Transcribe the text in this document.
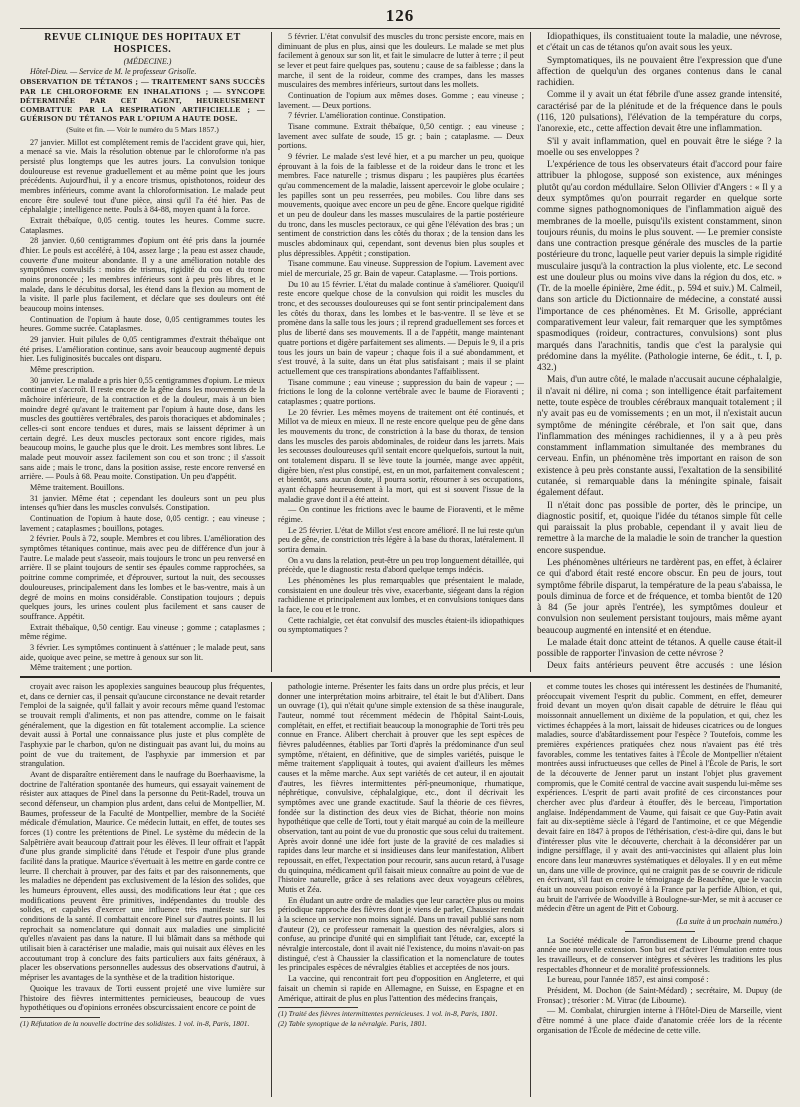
126

REVUE CLINIQUE DES HOPITAUX ET HOSPICES.

(MÉDECINE.)

Hôtel-Dieu. — Service de M. le professeur Grisolle.

OBSERVATION DE TÉTANOS ; — TRAITEMENT SANS SUCCÈS PAR LE CHLOROFORME EN INHALATIONS ; — SYNCOPE DÉTERMINÉE PAR CET AGENT, HEUREUSEMENT COMBATTUE PAR LA RESPIRATION ARTIFICIELLE ; — GUÉRISON DU TÉTANOS PAR L'OPIUM A HAUTE DOSE.

(Suite et fin. — Voir le numéro du 5 Mars 1857.)

27 janvier. Millot est complétement remis de l'accident grave qui, hier, a menacé sa vie. Mais la résolution obtenue par le chloroforme n'a pas persisté plus longtemps que les autres jours. La convulsion tonique douloureuse est revenue graduellement et au même point que les jours précédents. Aujourd'hui, il y a encore trismus, opisthotonos, roideur des membres inférieurs, comme avant la chloroformisation. Le malade peut encore être soulevé tout d'une pièce, ainsi qu'il l'a été hier. Pas de céphalalgie ; intelligence nette. Pouls à 84-88, moyen quant à la force.

Extrait thébaïque, 0,05 centig. toutes les heures. Comme sucre. Cataplasmes.

28 janvier. 0,60 centigrammes d'opium ont été pris dans la journée d'hier. Le pouls est accéléré, à 104, assez large ; la peau est assez chaude, couverte d'une moiteur abondante. Il y a une amélioration notable des symptômes convulsifs : moins de trismus, rigidité du cou et du tronc moins prononcée ; les membres inférieurs sont à peu près libres, et le malade, dans le décubitus dorsal, les étend dans la flexion au moment de la visite. Il parle plus facilement, et déclare que ses douleurs ont été beaucoup moins intenses.

Continuation de l'opium à haute dose, 0,05 centigrammes toutes les heures. Gomme sucrée. Cataplasmes.

29 janvier. Huit pilules de 0,05 centigrammes d'extrait thébaïque ont été prises. L'amélioration continue, sans avoir beaucoup augmenté depuis hier. Les fuliginosités buccales ont disparu.

Même prescription.

30 janvier. Le malade a pris hier 0,55 centigrammes d'opium. Le mieux continue et s'accroît. Il reste encore de la gêne dans les mouvements de la mâchoire inférieure, de la contraction et de la douleur, mais à un bien moindre degré qu'avant le traitement par l'opium à haute dose, dans les muscles des gouttières vertébrales, des parois thoraciques et abdominales ; celles-ci sont encore tendues et dures, mais se laissent déprimer à un certain degré. Les deux muscles pectoraux sont encore rigides, mais beaucoup moins, le gauche plus que le droit. Les membres sont libres. Le malade peut mouvoir assez facilement son cou et son tronc ; il s'assoit sans aide ; mais le tronc, dans la position assise, reste encore renversé en arrière. — Pouls à 68. Peau moite. Constipation. Un peu d'appétit.

Même traitement. Bouillons.

31 janvier. Même état ; cependant les douleurs sont un peu plus intenses qu'hier dans les muscles convulsés. Constipation.

Continuation de l'opium à haute dose, 0,05 centigr. ; eau vineuse ; lavement ; cataplasmes ; bouillons, potages.

2 février. Pouls à 72, souple. Membres et cou libres. L'amélioration des symptômes tétaniques continue, mais avec peu de différence d'un jour à l'autre. Le malade peut s'asseoir, mais toujours le tronc un peu renversé en arrière. Il se plaint toujours de sentir ses épaules comme rapprochées, sa poitrine comme comprimée, et d'éprouver, surtout la nuit, des secousses douloureuses, principalement dans les lombes et le bas-ventre, mais à un degré de moins en moins considérable. Constipation toujours ; depuis quelques jours, les urines coulent plus facilement et sans causer de souffrance. Appétit.

Extrait thébaïque, 0,50 centigr. Eau vineuse ; gomme ; cataplasmes ; même régime.

3 février. Les symptômes continuent à s'atténuer ; le malade peut, sans aide, quoique avec peine, se mettre à genoux sur son lit.

Même traitement ; une portion.

5 février. L'état convulsif des muscles du tronc persiste encore, mais en diminuant de plus en plus, ainsi que les douleurs. Le malade se met plus facilement à genoux sur son lit, et fait le simulacre de lutter à terre ; il peut se lever et peut faire quelques pas, soutenu ; cause de sa faiblesse ; dans la marche, il sent de la roideur, comme des crampes, dans les masses musculaires des membres inférieurs, surtout dans les mollets.

Continuation de l'opium aux mêmes doses. Gomme ; eau vineuse ; lavement. — Deux portions.

7 février. L'amélioration continue. Constipation.

Tisane commune. Extrait thébaïque, 0,50 centigr. ; eau vineuse ; lavement avec sulfate de soude, 15 gr. ; bain ; cataplasme. — Deux portions.

9 février. Le malade s'est levé hier, et a pu marcher un peu, quoique éprouvant à la fois de la faiblesse et de la roideur dans le tronc et les membres. Face naturelle ; trismus disparu ; les paupières plus écartées qu'au commencement de la maladie, laissent apercevoir le globe oculaire ; les papilles sont un peu resserrées, peu mobiles. Cou libre dans ses mouvements, quoique avec encore un peu de gêne. Encore quelque rigidité et un peu de douleur dans les masses musculaires de la partie postérieure du tronc, dans les muscles pectoraux, ce qui gêne l'élévation des bras ; un sentiment de constriction dans les côtés du thorax ; de la tension dans les muscles abdominaux qui, cependant, sont devenus bien plus souples et plus dépressibles. Appétit ; constipation.

Tisane commune. Eau vineuse. Suppression de l'opium. Lavement avec miel de mercuriale, 25 gr. Bain de vapeur. Cataplasme. — Trois portions.

Du 10 au 15 février. L'état du malade continue à s'améliorer. Quoiqu'il reste encore quelque chose de la convulsion qui roidit les muscles du tronc, et des secousses douloureuses qui se font sentir principalement dans les côtés du thorax, dans les lombes et le bas-ventre. Il se lève et se promène dans la salle tous les jours ; il reprend graduellement ses forces et plus de liberté dans ses mouvements. Il a de l'appétit, mange maintenant quatre portions et digère parfaitement ses aliments. — Depuis le 9, il a pris tous les jours un bain de vapeur ; chaque fois il a sué abondamment, et s'est trouvé, à la suite, dans un état plus satisfaisant ; mais il se plaint actuellement que ces transpirations abondantes l'affaiblissent.

Tisane commune ; eau vineuse ; suppression du bain de vapeur ; — frictions le long de la colonne vertébrale avec le baume de Fioraventi ; cataplasmes ; quatre portions.

Le 20 février. Les mêmes moyens de traitement ont été continués, et Millot va de mieux en mieux. Il ne reste encore quelque peu de gêne dans les mouvements du tronc, de constriction à la base du thorax, de tension dans les muscles des parois abdominales, de roideur dans les jarrets. Mais les secousses douloureuses qu'il sentait encore quelquefois, surtout la nuit, ont totalement disparu. Il se lève toute la journée, mange avec appétit, digère bien, n'est plus constipé, est, en un mot, parfaitement convalescent ; et bientôt, sans aucun doute, il pourra sortir, rétourner à ses occupations, ayant échappé heureusement à la mort, qui est si souvent l'issue de la maladie grave dont il a été atteint.

— On continue les frictions avec le baume de Fioraventi, et le même régime.

Le 25 février. L'état de Millot s'est encore amélioré. Il ne lui reste qu'un peu de gêne, de constriction très légère à la base du thorax, latéralement. Il sortira demain.

On a vu dans la relation, peut-être un peu trop longuement détaillée, qui précède, que le diagnostic resta d'abord quelque temps indécis.

Les phénomènes les plus remarquables que présentaient le malade, consistaient en une douleur très vive, exacerbante, siégeant dans la région rachidienne et principalement aux lombes, et en convulsions toniques dans la face, le cou et le tronc.

Cette rachialgie, cet état convulsif des muscles étaient-ils idiopathiques ou symptomatiques ?

Idiopathiques, ils constituaient toute la maladie, une névrose, et c'était un cas de tétanos qu'on avait sous les yeux.

Symptomatiques, ils ne pouvaient être l'expression que d'une affection de quelqu'un des organes contenus dans le canal rachidien.

Comme il y avait un état fébrile d'une assez grande intensité, caractérisé par de la plénitude et de la fréquence dans le pouls (116, 120 pulsations), l'élévation de la température du corps, l'anorexie, etc., cette affection devait être une inflammation.

S'il y avait inflammation, quel en pouvait être le siége ? la moelle ou ses enveloppes ?

L'expérience de tous les observateurs était d'accord pour faire attribuer la phlogose, supposé son existence, aux méninges plutôt qu'au cordon médullaire. Selon Ollivier d'Angers : « Il y a deux symptômes qu'on pourrait regarder en quelque sorte comme signes pathognomoniques de l'inflammation aiguë des membranes de la moelle, puisqu'ils existent constamment, sinon toujours réunis, du moins le plus souvent. — Le premier consiste dans une contraction presque générale des muscles de la partie postérieure du tronc, laquelle peut varier depuis la simple rigidité musculaire jusqu'à la contraction la plus violente, etc. Le second est une douleur plus ou moins vive dans la région du dos, etc. » (Tr. de la moelle épinière, 2me édit., p. 594 et suiv.) M. Calmeil, dans son article du Dictionnaire de médecine, a constaté aussi l'importance de ces phénomènes. Et M. Grisolle, appréciant comparativement leur valeur, fait remarquer que les symptômes spasmodiques (roideur, contractures, convulsions) sont plus marqués dans l'arachnitis, tandis que c'est la paralysie qui prédomine dans la myélite. (Pathologie interne, 6e édit., t. I, p. 432.)

Mais, d'un autre côté, le malade n'accusait aucune céphalalgie, il n'avait ni délire, ni coma ; son intelligence était parfaitement nette, toute espèce de troubles cérébraux manquait totalement ; il n'y avait pas eu de vomissements ; en un mot, il n'existait aucun symptôme de méningite cérébrale, et l'on sait que, dans l'inflammation des méninges rachidiennes, il y a à peu près constamment inflammation simultanée des membranes du cerveau. Enfin, un phénomène très important en raison de son existence à peu près constante aussi, l'exaltation de la sensibilité cutanée, si remarquable dans la méningite spinale, faisait également défaut.

Il n'était donc pas possible de porter, dès le principe, un diagnostic positif, et, quoique l'idée du tétanos simple fût celle qui paraissait la plus probable, cependant il y avait lieu de remettre à la marche de la maladie le soin de trancher la question encore suspendue.

Les phénomènes ultérieurs ne tardèrent pas, en effet, à éclairer ce qui d'abord était resté encore obscur. En peu de jours, tout symptôme fébrile disparut, la température de la peau s'abaissa, le pouls diminua de force et de fréquence, et tomba bientôt de 120 à 84 (5e jour après l'entrée), les symptômes douleur et convulsion non seulement persistant toujours, mais même ayant beaucoup augmenté en intensité et en étendue.

Le malade était donc atteint de tétanos. A quelle cause était-il possible de rapporter l'invasion de cette névrose ?

Deux faits antérieurs peuvent être accusés : une lésion

croyait avec raison les apoplexies sanguines beaucoup plus fréquentes, et, dans ce dernier cas, il pensait qu'aucune circonstance ne devait retarder l'emploi de la saignée, qu'il fallait y avoir recours même quand l'estomac se trouvait rempli d'aliments, et non pas attendre, comme on le faisait généralement, que la digestion en fût totalement accomplie. La science devait aussi à Portal une connaissance plus juste et plus complète de l'asphyxie par le charbon, qu'on ne distinguait pas avant lui, du moins au point de vue du traitement, de l'asphyxie par immersion et par strangulation.

Avant de disparaître entièrement dans le naufrage du Boerhaavisme, la doctrine de l'altération spontanée des humeurs, qui essayait vainement de résister aux attaques de Pinel dans la personne du Petit-Radel, trouva un second défenseur, un champion plus ardent, dans celui de Montpellier, M. Baumes, professeur de la Faculté de Montpellier, membre de la Société médicale d'émulation, Maurice. Ce médecin luttait, en effet, de toutes ses forces (1) contre les prétentions de Pinel. Le système du médecin de la Salpêtrière avait beaucoup d'attrait pour les élèves. Il leur offrait et l'appât d'une plus grande simplicité dans l'étude et l'espoir d'une plus grande facilité dans la pratique. Maurice s'évertuait à les mettre en garde contre ce leurre. Il cherchait à prouver, par des faits et par des raisonnements, que les maladies ne dépendent pas exclusivement de la lésion des solides, que les humeurs éprouvent, elles aussi, des modifications leur état ; que ces modifications peuvent être primitives, indépendantes du trouble des solides, et capables d'exercer une influence très manifeste sur les conditions de la santé. Il combattait encore Pinel sur d'autres points. Il lui reprochait sa nomenclature qui donnait aux maladies une simplicité qu'elles n'avaient pas dans la nature. Il lui blâmait dans sa méthode qui utilisait bien à caractériser une maladie, mais qui nuisait aux élèves en les accoutumant trop à conclure des faits particuliers aux faits généraux, à placer les observations personnelles audessus des observations d'autrui, à mépriser les avantages de la synthèse et de la tradition historique.

Quoique les travaux de Torti eussent projeté une vive lumière sur l'histoire des fièvres intermittentes pernicieuses, beaucoup de vues hypothétiques ou d'opinions erronées obscurcissaient encore ce point de

(1) Réfutation de la nouvelle doctrine des solidistes. 1 vol. in-8, Paris, 1801.

pathologie interne. Présenter les faits dans un ordre plus précis, et leur donner une interprétation moins arbitraire, tel était le but d'Alibert. Dans un ouvrage (1), qui n'était qu'une simple extension de sa thèse inaugurale, l'auteur, nommé tout récemment médecin de l'hôpital Saint-Louis, complétait, en effet, et rectifiait beaucoup la monographie de Torti très peu connue en France. Alibert cherchait à prouver que les sept espèces de fièvres paludéennes, établies par Torti d'après la prédominance d'un seul symptôme, n'étaient, en définitive, que de simples variétés, puisque le même traitement s'appliquait à toutes, qui avaient d'ailleurs les mêmes causes et la même marche. Aux sept variétés de cet auteur, il en ajoutait d'autres, les fièvres intermittentes pérî-pneumonique, rhumatique, néphrétique, convulsive, céphalalgique, etc., dont il décrivait les symptômes avec une grande exactitude. Sauf la théorie de ces fièvres, fondée sur la distinction des deux vies de Bichat, théorie non moins hypothétique que celle de Torti, tout y était marqué au coin de la meilleure observation, tant au point de vue du pronostic que sous celui du traitement. Après avoir donné une idée fort juste de la gravité de ces maladies si rapides dans leur marche et si insidieuses dans leur manifestation, Alibert repoussait, en effet, l'expectation pour recourir, sans aucun retard, à l'usage du quinquina, médicament qu'il faisait mieux connaître au point de vue de l'histoire naturelle, grâce à ses relations avec deux voyageurs célèbres, Mutis et Zéa.

En éludant un autre ordre de maladies que leur caractère plus ou moins périodique rapproche des fièvres dont je viens de parler, Chaussier rendait à la science un service non moins signalé. Dans un travail publié sans nom d'auteur (2), ce professeur ramenait la question des névralgies, alors si confuse, au principe d'unité qui en simplifiait tant l'étude, car, excepté la névralgie intercostale, dont il avait nié l'existence, du moins n'avait-on pas distingué, c'est à Chaussier la classification et la nomenclature de toutes les principales espèces de névralgies établies et acceptées de nos jours.

La vaccine, qui rencontrait fort peu d'opposition en Angleterre, et qui faisait un chemin si rapide en Allemagne, en Suisse, en Espagne et en Amérique, attirait de plus en plus l'attention des médecins français,

(1) Traité des fièvres intermittentes pernicieuses. 1 vol. in-8, Paris, 1801.

(2) Table synoptique de la névralgie. Paris, 1801.

et comme toutes les choses qui intéressent les destinées de l'humanité, préoccupait vivement l'esprit du public. Comment, en effet, demeurer froid devant un moyen qu'on disait capable de détruire le fléau qui moissonnait annuellement un dixième de la population, et qui, chez les victimes échappées à la mort, laissait de hideuses cicatrices ou de longues maladies, source d'abâtardissement pour l'espèce ? Toutefois, comme les premières expériences pratiquées chez nous n'avaient pas été très favorables, comme les tentatives faites à l'École de Montpellier n'étaient montrées aussi infructueuses que celles de Pinel à l'École de Paris, le sort de la découverte de Jenner parut un instant l'objet plus gravement compromis, que le Comité central de vaccine avait suspendu lui-même ses expériences. L'esprit de parti avait profité de ces circonstances pour chercher avec plus d'ardeur à étouffer, dès le berceau, l'importation anglaise. Indépendamment de Vaume, qui faisait ce que Guy-Patin avait fait au dix-septième siècle à l'égard de l'antimoine, et ce que Mégendie devait faire en 1847 à propos de l'éthérisation, c'est-à-dire qui, dans le but d'intéresser plus vite le découverte, cherchait à la déconsidérer par un indigne persifflage, il y avait des anti-vaccinistes qui allaient plus loin encore dans leur manœuvres systématiques et déloyales. Il y en eut même un, dans une ville de province, qui ne craignit pas de se couvrir de ridicule en écrivant, s'il faut en croire le témoignage de Beauchêne, que le vaccin était un nouveau poison envoyé à la France par la perfide Albion, et qui, au bruit de l'arrivée de Woodville à Boulogne-sur-Mer, se mit à accuser ce médecin d'être un agent de Pitt et Cobourg.

(La suite à un prochain numéro.)

La Société médicale de l'arrondissement de Libourne prend chaque année une nouvelle extension. Son but est d'activer l'émulation entre tous les travailleurs, et de conserver intègres et sévères les traditions les plus respectables d'honneur et de moralité professionnels.

Le bureau, pour l'année 1857, est ainsi composé :

Président, M. Dochon (de Saint-Médard) ; secrétaire, M. Dupuy (de Fronsac) ; trésorier : M. Vitrac (de Libourne).

— M. Combalat, chirurgien interne à l'Hôtel-Dieu de Marseille, vient d'être nommé à une place d'aide d'anatomie créée lors de la récente organisation de l'École de médecine de cette ville.
